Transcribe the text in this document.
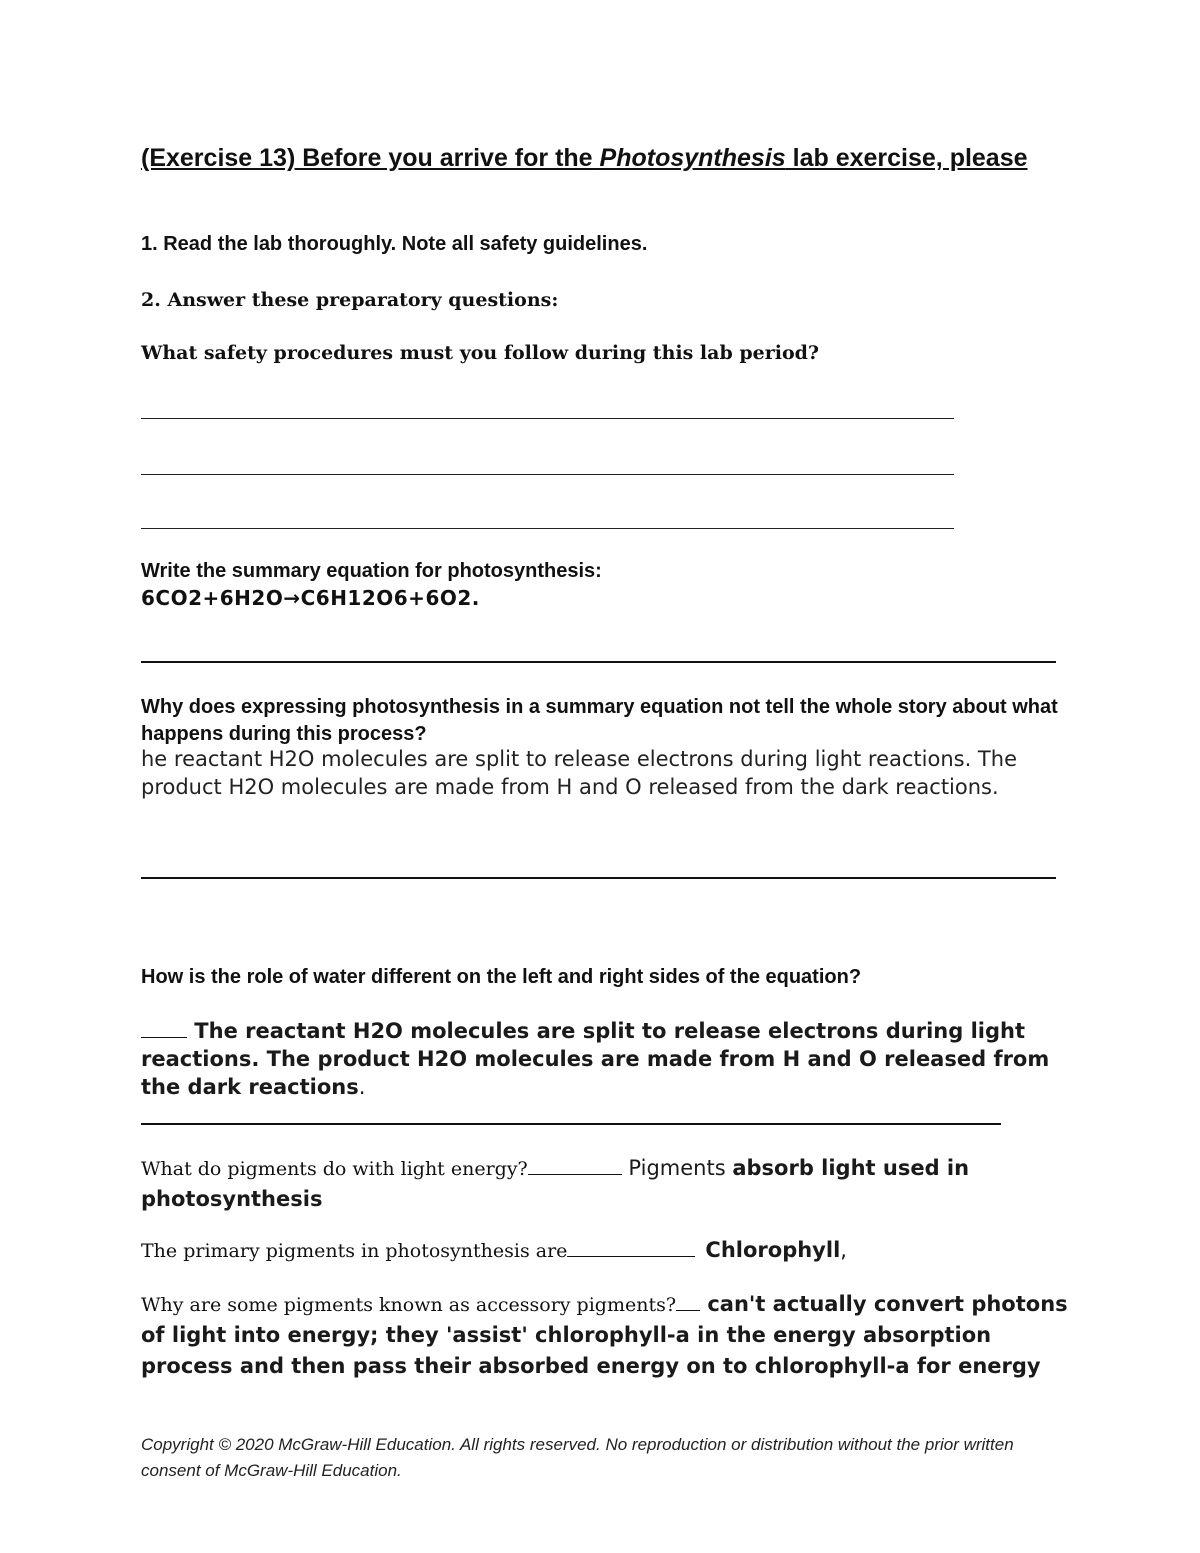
(Exercise 13) Before you arrive for the Photosynthesis lab exercise, please
1. Read the lab thoroughly. Note all safety guidelines.
2. Answer these preparatory questions:
What safety procedures must you follow during this lab period?
Write the summary equation for photosynthesis:
6CO2+6H2O→C6H12O6+6O2.
Why does expressing photosynthesis in a summary equation not tell the whole story about what happens during this process?
he reactant H2O molecules are split to release electrons during light reactions. The product H2O molecules are made from H and O released from the dark reactions.
How is the role of water different on the left and right sides of the equation?
The reactant H2O molecules are split to release electrons during light reactions. The product H2O molecules are made from H and O released from the dark reactions.
What do pigments do with light energy?	Pigments absorb light used in photosynthesis
The primary pigments in photosynthesis are	Chlorophyll,
Why are some pigments known as accessory pigments? can't actually convert photons of light into energy; they 'assist' chlorophyll-a in the energy absorption process and then pass their absorbed energy on to chlorophyll-a for energy
Copyright © 2020 McGraw-Hill Education. All rights reserved. No reproduction or distribution without the prior written consent of McGraw-Hill Education.
